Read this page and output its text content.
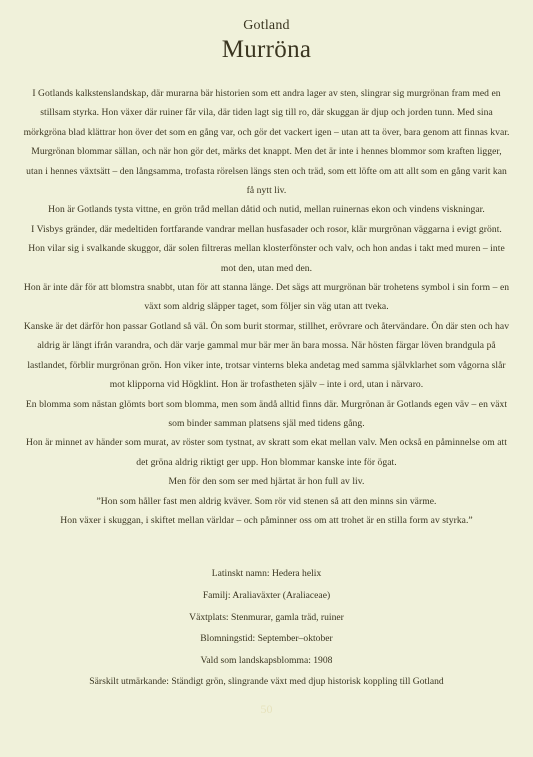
Gotland
Murröna

I Gotlands kalkstenslandskap, där murarna bär historien som ett andra lager av sten, slingrar sig murgrönan fram med en stillsam styrka. Hon växer där ruiner får vila, där tiden lagt sig till ro, där skuggan är djup och jorden tunn. Med sina mörkgröna blad klättrar hon över det som en gång var, och gör det vackert igen – utan att ta över, bara genom att finnas kvar. Murgrönan blommar sällan, och när hon gör det, märks det knappt. Men det är inte i hennes blommor som kraften ligger, utan i hennes växtsätt – den långsamma, trofasta rörelsen längs sten och träd, som ett löfte om att allt som en gång varit kan få nytt liv.

Hon är Gotlands tysta vittne, en grön tråd mellan dåtid och nutid, mellan ruinernas ekon och vindens viskningar.

I Visbys gränder, där medeltiden fortfarande vandrar mellan husfasader och rosor, klär murgrönan väggarna i evigt grönt. Hon vilar sig i svalkande skuggor, där solen filtreras mellan klosterfönster och valv, och hon andas i takt med muren – inte mot den, utan med den.

Hon är inte där för att blomstra snabbt, utan för att stanna länge. Det sägs att murgrönan bär trohetens symbol i sin form – en växt som aldrig släpper taget, som följer sin väg utan att tveka.

Kanske är det därför hon passar Gotland så väl. Ön som burit stormar, stillhet, erövrare och återvändare. Ön där sten och hav aldrig är längt ifrån varandra, och där varje gammal mur bär mer än bara mossa. När hösten färgar löven brandgula på lastlandet, förblir murgrönan grön. Hon viker inte, trotsar vinterns bleka andetag med samma självklarhet som vågorna slår mot klipporna vid Högklint. Hon är trofastheten själv – inte i ord, utan i närvaro.

En blomma som nästan glömts bort som blomma, men som ändå alltid finns där. Murgrönan är Gotlands egen väv – en växt som binder samman platsens själ med tidens gång.

Hon är minnet av händer som murat, av röster som tystnat, av skratt som ekat mellan valv. Men också en påminnelse om att det gröna aldrig riktigt ger upp. Hon blommar kanske inte för ögat.

Men för den som ser med hjärtat är hon full av liv.

”Hon som håller fast men aldrig kväver. Som rör vid stenen så att den minns sin värme.

Hon växer i skuggan, i skiftet mellan världar – och påminner oss om att trohet är en stilla form av styrka.”

Latinskt namn: Hedera helix

Familj: Araliaväxter (Araliaceae)

Växtplats: Stenmurar, gamla träd, ruiner

Blomningstid: September–oktober

Vald som landskapsblomma: 1908

Särskilt utmärkande: Ständigt grön, slingrande växt med djup historisk koppling till Gotland

50
